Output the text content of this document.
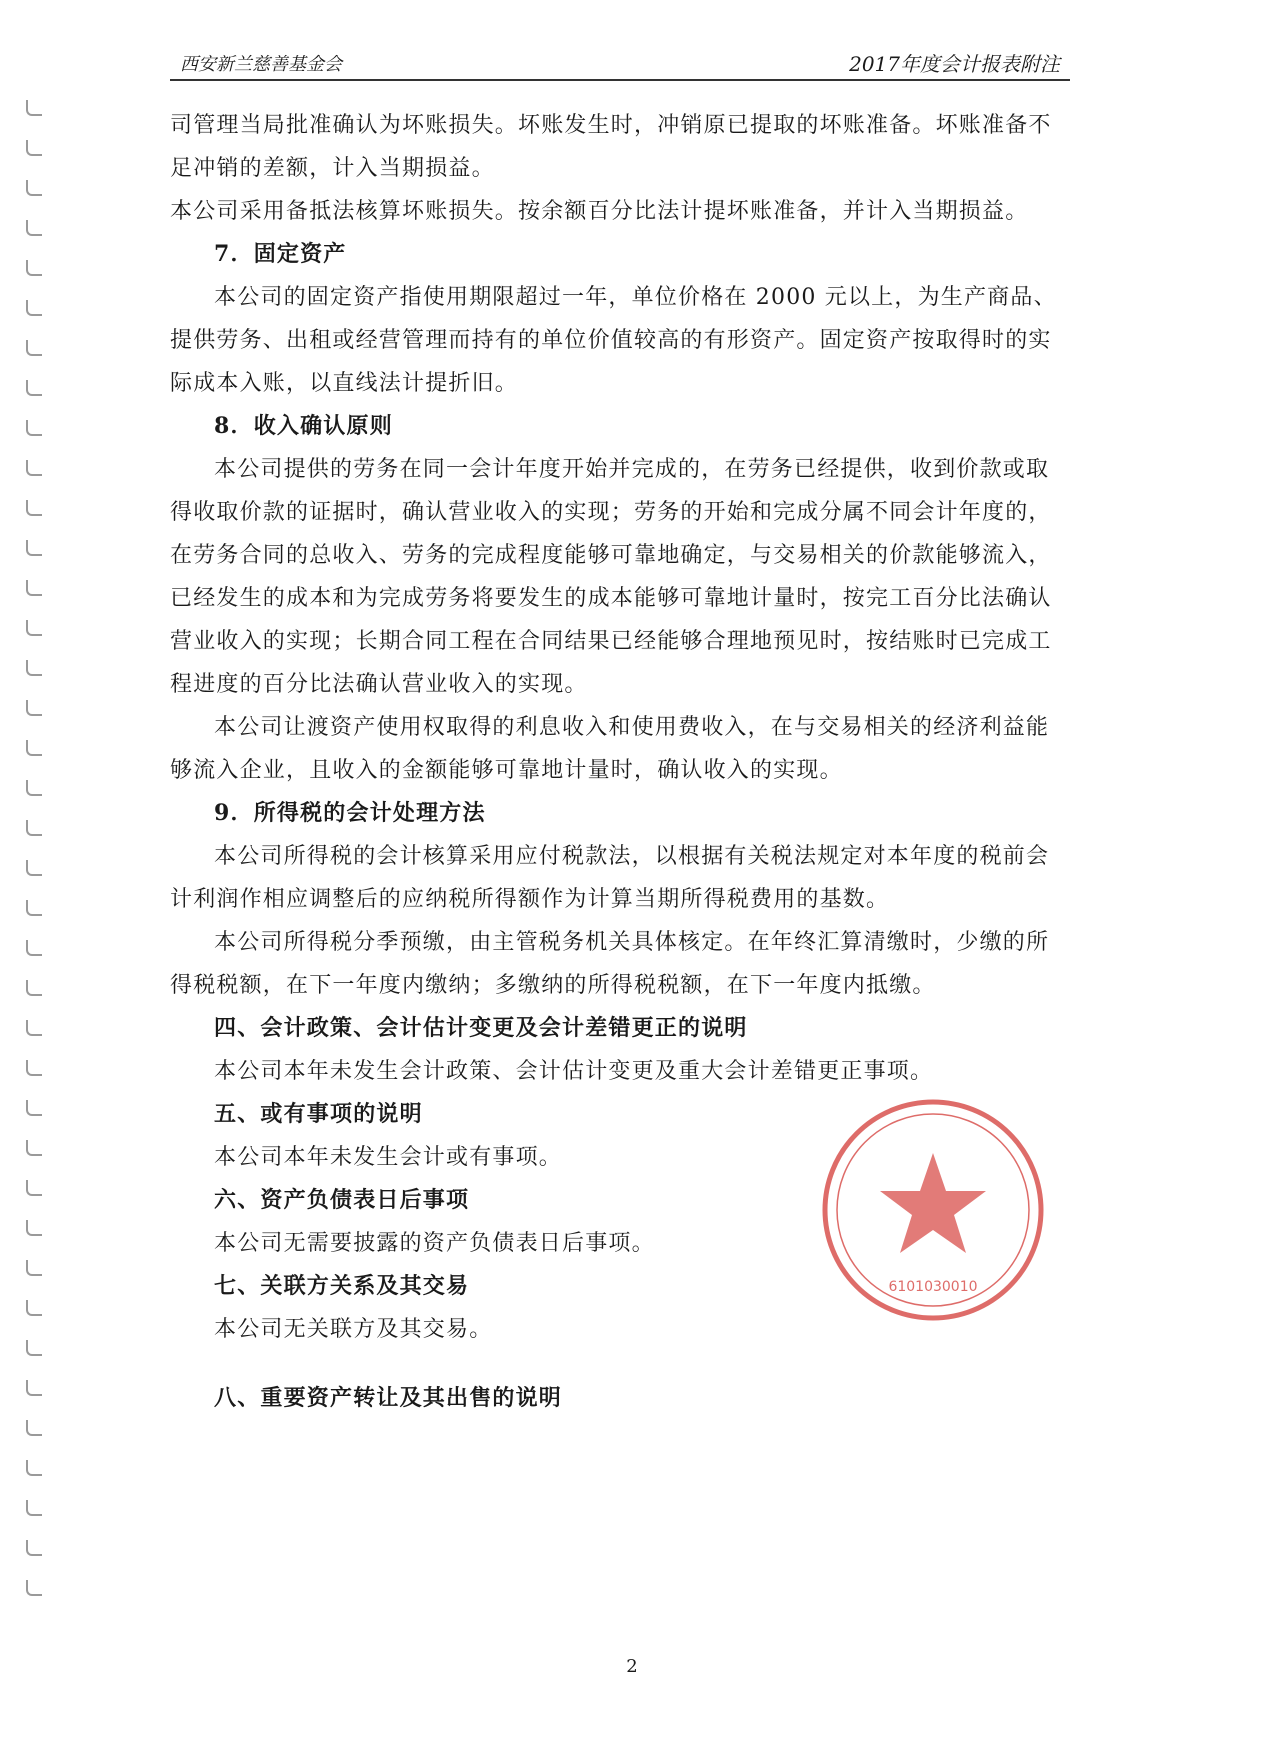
西安新兰慈善基金会	2017年度会计报表附注

司管理当局批准确认为坏账损失。坏账发生时，冲销原已提取的坏账准备。坏账准备不足冲销的差额，计入当期损益。

本公司采用备抵法核算坏账损失。按余额百分比法计提坏账准备，并计入当期损益。

7．固定资产

本公司的固定资产指使用期限超过一年，单位价格在 2000 元以上，为生产商品、提供劳务、出租或经营管理而持有的单位价值较高的有形资产。固定资产按取得时的实际成本入账，以直线法计提折旧。

8．收入确认原则

本公司提供的劳务在同一会计年度开始并完成的，在劳务已经提供，收到价款或取得收取价款的证据时，确认营业收入的实现；劳务的开始和完成分属不同会计年度的，在劳务合同的总收入、劳务的完成程度能够可靠地确定，与交易相关的价款能够流入，已经发生的成本和为完成劳务将要发生的成本能够可靠地计量时，按完工百分比法确认营业收入的实现；长期合同工程在合同结果已经能够合理地预见时，按结账时已完成工程进度的百分比法确认营业收入的实现。

本公司让渡资产使用权取得的利息收入和使用费收入，在与交易相关的经济利益能够流入企业，且收入的金额能够可靠地计量时，确认收入的实现。

9．所得税的会计处理方法

本公司所得税的会计核算采用应付税款法，以根据有关税法规定对本年度的税前会计利润作相应调整后的应纳税所得额作为计算当期所得税费用的基数。

本公司所得税分季预缴，由主管税务机关具体核定。在年终汇算清缴时，少缴的所得税税额，在下一年度内缴纳；多缴纳的所得税税额，在下一年度内抵缴。

四、会计政策、会计估计变更及会计差错更正的说明

本公司本年未发生会计政策、会计估计变更及重大会计差错更正事项。

五、或有事项的说明

本公司本年未发生会计或有事项。

六、资产负债表日后事项

本公司无需要披露的资产负债表日后事项。

七、关联方关系及其交易

本公司无关联方及其交易。

八、重要资产转让及其出售的说明

6101030010
2
